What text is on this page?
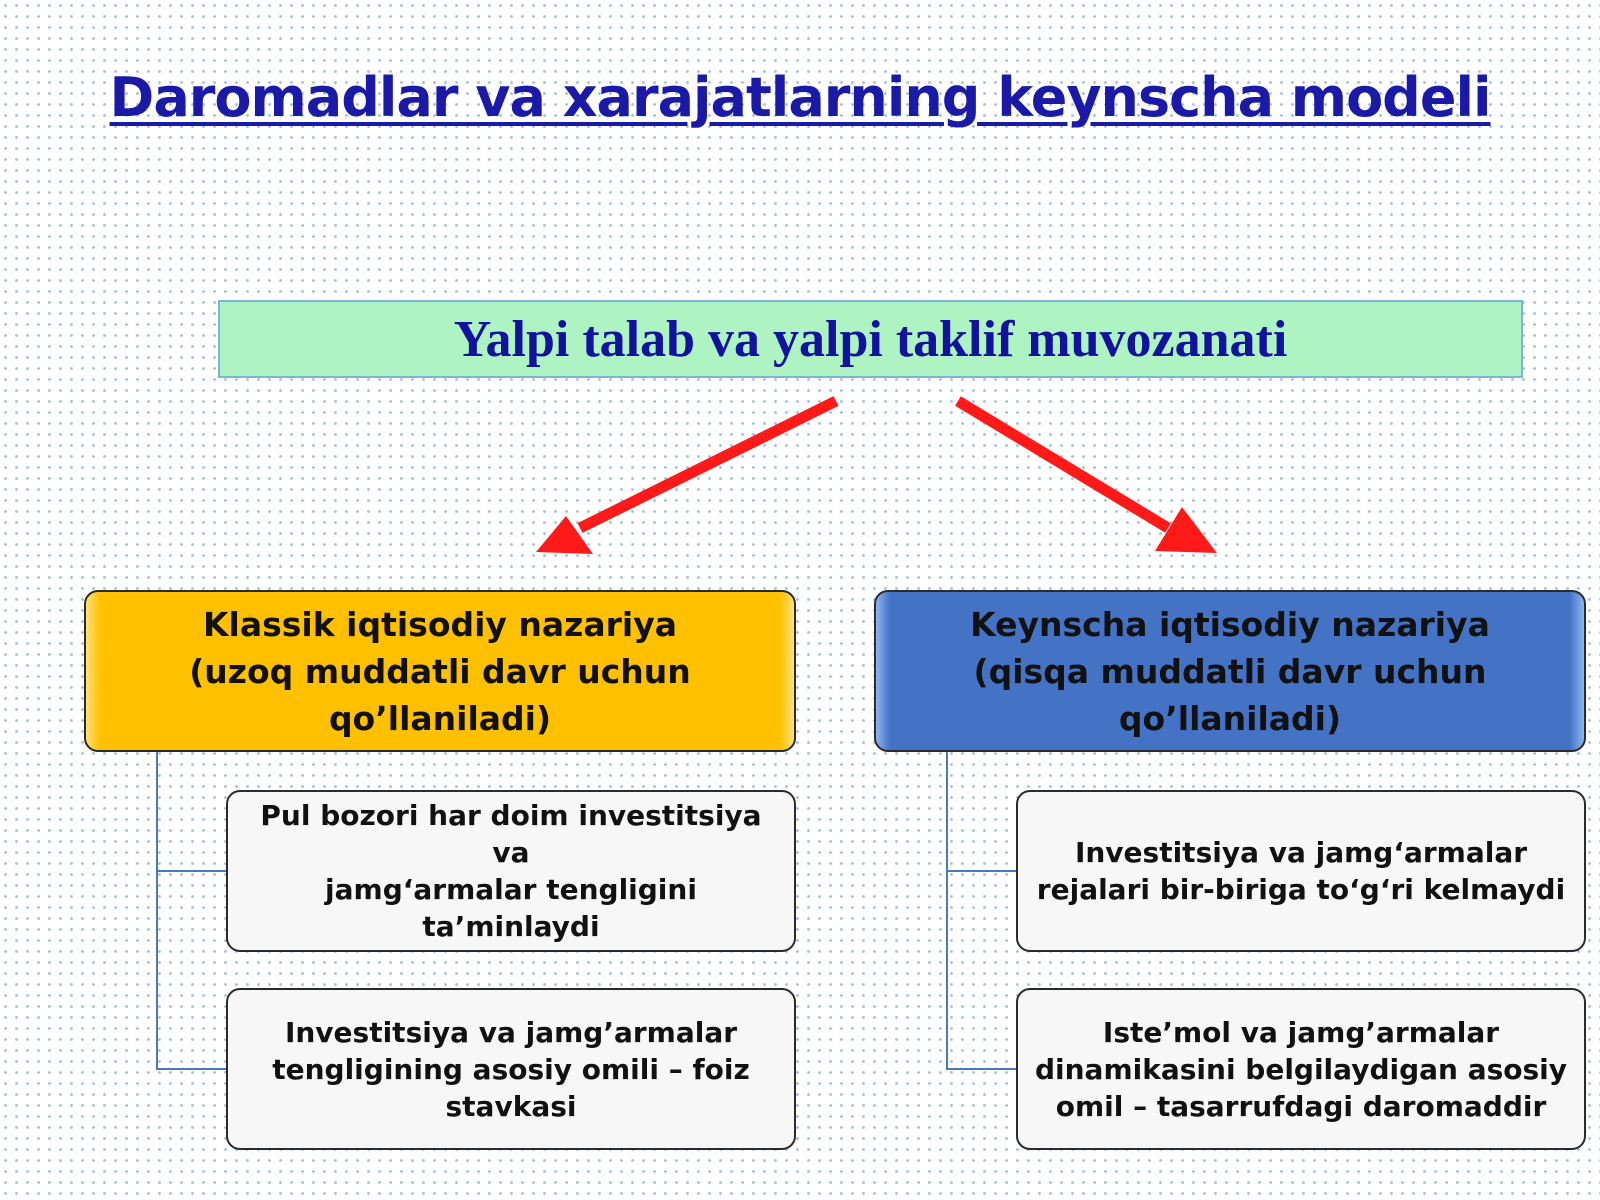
Daromadlar va xarajatlarning keynscha modeli
Yalpi talab va yalpi taklif muvozanati
Klassik iqtisodiy nazariya
(uzoq muddatli davr uchun qo’llaniladi)
Keynscha iqtisodiy nazariya
(qisqa muddatli davr uchun
qo’llaniladi)
Pul bozori har doim investitsiya va
jamg‘armalar tengligini
ta’minlaydi
Investitsiya va jamg’armalar
tengligining asosiy omili – foiz
stavkasi
Investitsiya va jamg‘armalar
rejalari bir-biriga to‘g‘ri kelmaydi
Iste’mol va jamg’armalar
dinamikasini belgilaydigan asosiy
omil – tasarrufdagi daromaddir
